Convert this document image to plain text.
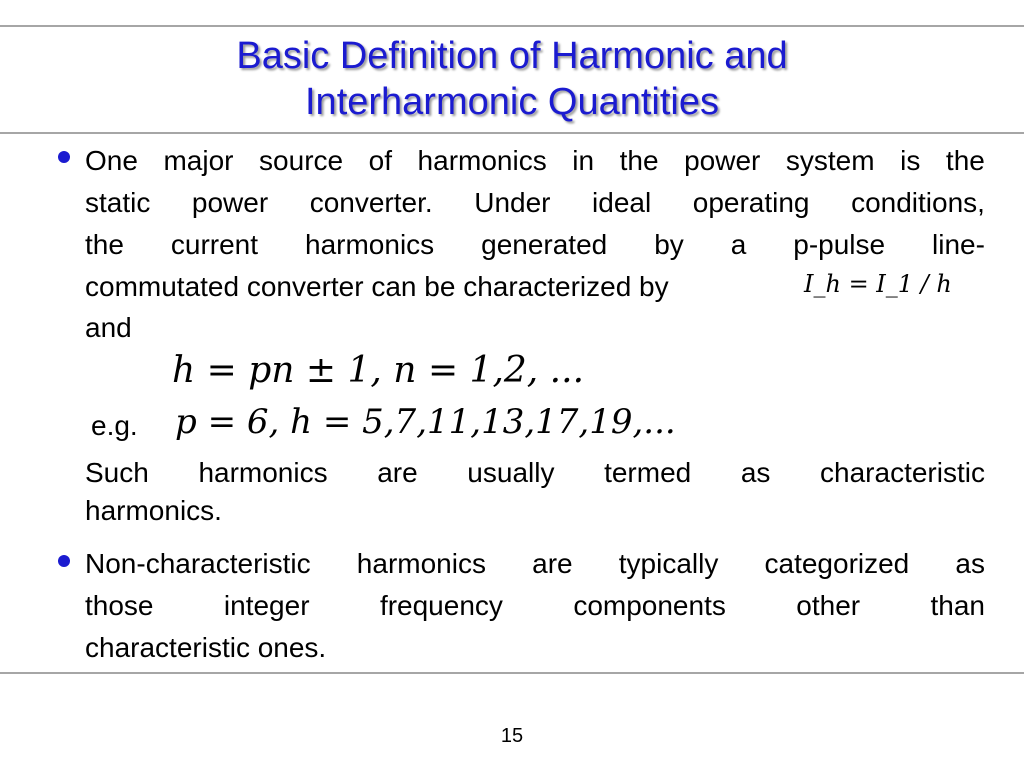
Basic Definition of Harmonic and
Interharmonic Quantities
One major source of harmonics in the power system is the
static power converter. Under ideal operating conditions,
the current harmonics generated by a p-pulse line-
commutated converter can be characterized by	I_h = I_1 / h
and
h = pn ± 1, n = 1,2, ...
e.g. p = 6, h = 5,7,11,13,17,19,...
Such harmonics are usually termed as characteristic
harmonics.
Non-characteristic harmonics are typically categorized as
those	integer	frequency	components	other	than
characteristic ones.
15
